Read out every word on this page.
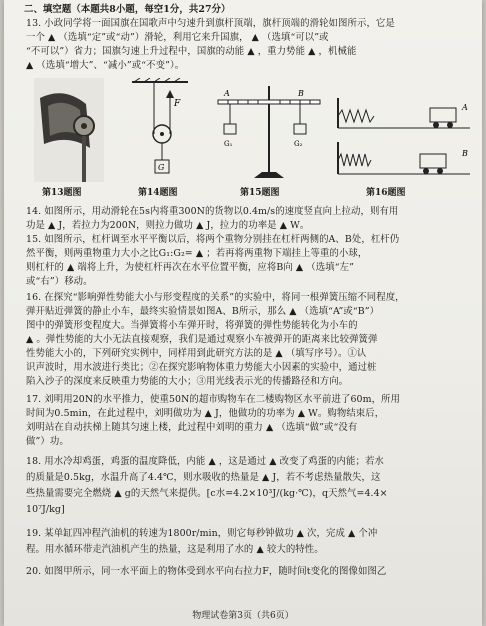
二、填空题（本题共8小题，每空1分，共27分）
13. 小政同学将一面国旗在国歌声中匀速升到旗杆顶端，旗杆顶端的滑轮如图所示，它是
一个 ▲ （选填“定”或“动”）滑轮，利用它来升国旗， ▲ （选填“可以”或
“不可以”）省力；国旗匀速上升过程中，国旗的动能 ▲ ，重力势能 ▲ ，机械能
▲ （选填“增大”、“减小”或“不变”）。
第13题图
F
G
第14题图
A	B
G₁	G₂
第15题图
A
B
第16题图
14. 如图所示，用动滑轮在5s内将重300N的货物以0.4m/s的速度竖直向上拉动，则有用
功是 ▲ J，若拉力为200N，则拉力做功 ▲ J，拉力的功率是 ▲ W。
15. 如图所示，杠杆调至水平平衡以后，将两个重物分别挂在杠杆两侧的A、B处，杠杆仍
然平衡，则两重物重力大小之比G₁:G₂= ▲ ；若再将两重物下端挂上等重的小球，
则杠杆的 ▲ 端将上升，为使杠杆再次在水平位置平衡，应将B向 ▲ （选填“左”
或“右”）移动。
16. 在探究“影响弹性势能大小与形变程度的关系”的实验中，将同一根弹簧压缩不同程度，
弹开贴近弹簧的静止小车，最终实验情景如图A、B所示，那么 ▲ （选填“A”或“B”）
图中的弹簧形变程度大。当弹簧将小车弹开时，将弹簧的弹性势能转化为小车的
▲ 。弹性势能的大小无法直接观察，我们是通过观察小车被弹开的距离来比较弹簧弹
性势能大小的，下列研究实例中，同样用到此研究方法的是 ▲ （填写序号）。①认
识声波时，用水波进行类比；②在探究影响物体重力势能大小因素的实验中，通过桩
陷入沙子的深度来反映重力势能的大小；③用光线表示光的传播路径和方向。
17. 刘明用20N的水平推力，使重50N的超市购物车在二楼购物区水平前进了60m，所用
时间为0.5min，在此过程中，刘明做功为 ▲ J，他做功的功率为 ▲ W。购物结束后，
刘明站在自动扶梯上随其匀速上楼，此过程中刘明的重力 ▲ （选填“做”或“没有
做”）功。
18. 用水冷却鸡蛋，鸡蛋的温度降低，内能 ▲ ，这是通过 ▲ 改变了鸡蛋的内能；若水
的质量是0.5kg，水温升高了4.4℃，则水吸收的热量是 ▲ J，若不考虑热量散失，这
些热量需要完全燃烧 ▲ g的天然气来提供。[c水=4.2×10³J/(kg·℃)，q天然气=4.4×
10⁷J/kg]
19. 某单缸四冲程汽油机的转速为1800r/min，则它每秒钟做功 ▲ 次，完成 ▲ 个冲
程。用水循环带走汽油机产生的热量，这是利用了水的 ▲ 较大的特性。
20. 如图甲所示，同一水平面上的物体受到水平向右拉力F，随时间t变化的图像如图乙
物理试卷第3页（共6页）
